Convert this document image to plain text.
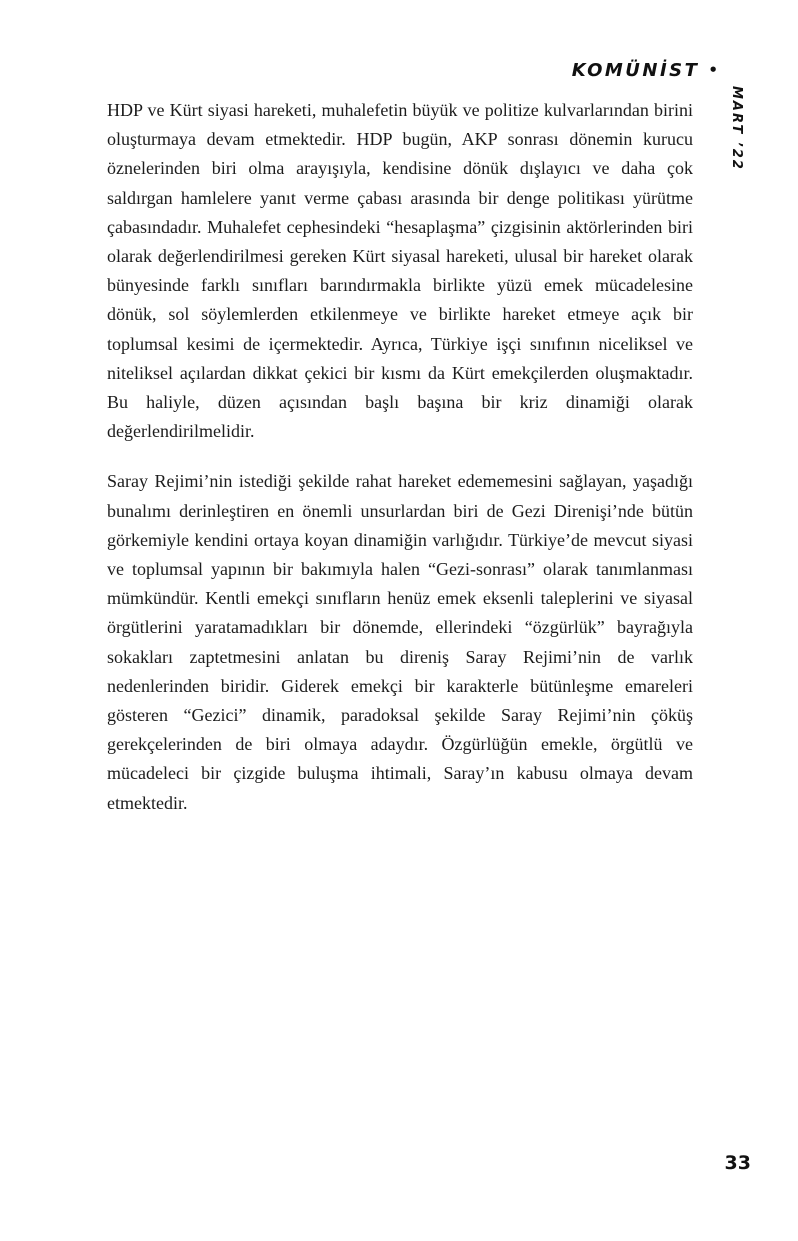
KOMÜNİST •
MART ’22

HDP ve Kürt siyasi hareketi, muhalefetin büyük ve politize kulvarlarından birini oluşturmaya devam etmektedir. HDP bugün, AKP sonrası dönemin kurucu öznelerinden biri olma arayışıyla, kendisine dönük dışlayıcı ve daha çok saldırgan hamlelere yanıt verme çabası arasında bir denge politikası yürütme çabasındadır. Muhalefet cephesindeki “hesaplaşma” çizgisinin aktörlerinden biri olarak değerlendirilmesi gereken Kürt siyasal hareketi, ulusal bir hareket olarak bünyesinde farklı sınıfları barındırmakla birlikte yüzü emek mücadelesine dönük, sol söylemlerden etkilenmeye ve birlikte hareket etmeye açık bir toplumsal kesimi de içermektedir. Ayrıca, Türkiye işçi sınıfının niceliksel ve niteliksel açılardan dikkat çekici bir kısmı da Kürt emekçilerden oluşmaktadır. Bu haliyle, düzen açısından başlı başına bir kriz dinamiği olarak değerlendirilmelidir.

Saray Rejimi’nin istediği şekilde rahat hareket edememesini sağlayan, yaşadığı bunalımı derinleştiren en önemli unsurlardan biri de Gezi Direnişi’nde bütün görkemiyle kendini ortaya koyan dinamiğin varlığıdır. Türkiye’de mevcut siyasi ve toplumsal yapının bir bakımıyla halen “Gezi-sonrası” olarak tanımlanması mümkündür. Kentli emekçi sınıfların henüz emek eksenli taleplerini ve siyasal örgütlerini yaratamadıkları bir dönemde, ellerindeki “özgürlük” bayrağıyla sokakları zaptetmesini anlatan bu direniş Saray Rejimi’nin de varlık nedenlerinden biridir. Giderek emekçi bir karakterle bütünleşme emareleri gösteren “Gezici” dinamik, paradoksal şekilde Saray Rejimi’nin çöküş gerekçelerinden de biri olmaya adaydır. Özgürlüğün emekle, örgütlü ve mücadeleci bir çizgide buluşma ihtimali, Saray’ın kabusu olmaya devam etmektedir.

33
